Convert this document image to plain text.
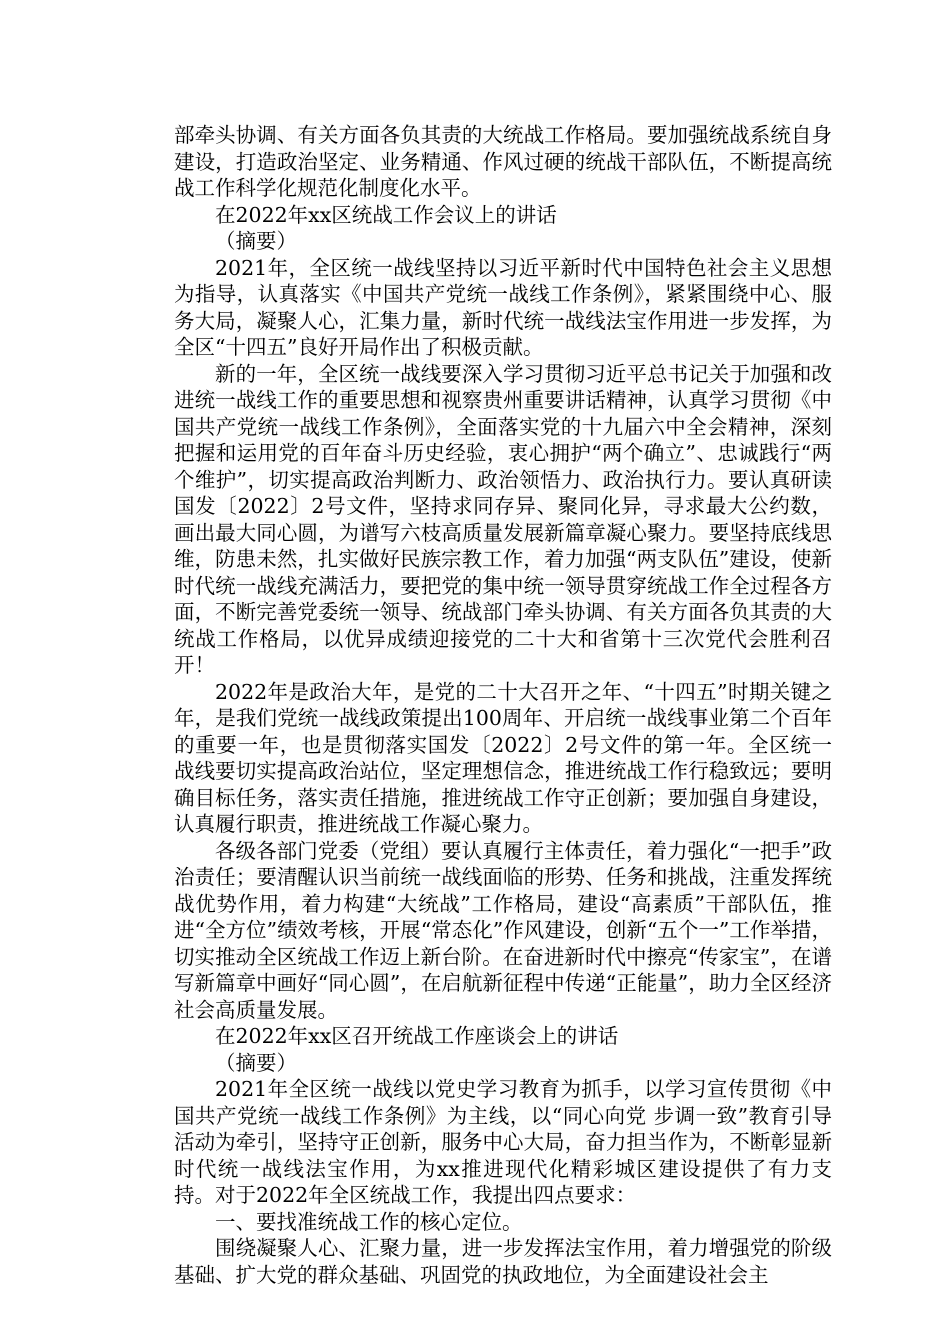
部牵头协调、有关方面各负其责的大统战工作格局。要加强统战系统自身建设，打造政治坚定、业务精通、作风过硬的统战干部队伍，不断提高统战工作科学化规范化制度化水平。

在2022年xx区统战工作会议上的讲话

（摘要）

2021年，全区统一战线坚持以习近平新时代中国特色社会主义思想为指导，认真落实《中国共产党统一战线工作条例》，紧紧围绕中心、服务大局，凝聚人心，汇集力量，新时代统一战线法宝作用进一步发挥，为全区“十四五”良好开局作出了积极贡献。

新的一年，全区统一战线要深入学习贯彻习近平总书记关于加强和改进统一战线工作的重要思想和视察贵州重要讲话精神，认真学习贯彻《中国共产党统一战线工作条例》，全面落实党的十九届六中全会精神，深刻把握和运用党的百年奋斗历史经验，衷心拥护“两个确立”、忠诚践行“两个维护”，切实提高政治判断力、政治领悟力、政治执行力。要认真研读国发〔2022〕2号文件，坚持求同存异、聚同化异，寻求最大公约数，画出最大同心圆，为谱写六枝高质量发展新篇章凝心聚力。要坚持底线思维，防患未然，扎实做好民族宗教工作，着力加强“两支队伍”建设，使新时代统一战线充满活力，要把党的集中统一领导贯穿统战工作全过程各方面，不断完善党委统一领导、统战部门牵头协调、有关方面各负其责的大统战工作格局，以优异成绩迎接党的二十大和省第十三次党代会胜利召开！

2022年是政治大年，是党的二十大召开之年、“十四五”时期关键之年，是我们党统一战线政策提出100周年、开启统一战线事业第二个百年的重要一年，也是贯彻落实国发〔2022〕2号文件的第一年。全区统一战线要切实提高政治站位，坚定理想信念，推进统战工作行稳致远；要明确目标任务，落实责任措施，推进统战工作守正创新；要加强自身建设，认真履行职责，推进统战工作凝心聚力。

各级各部门党委（党组）要认真履行主体责任，着力强化“一把手”政治责任；要清醒认识当前统一战线面临的形势、任务和挑战，注重发挥统战优势作用，着力构建“大统战”工作格局，建设“高素质”干部队伍，推进“全方位”绩效考核，开展“常态化”作风建设，创新“五个一”工作举措，切实推动全区统战工作迈上新台阶。在奋进新时代中擦亮“传家宝”，在谱写新篇章中画好“同心圆”，在启航新征程中传递“正能量”，助力全区经济社会高质量发展。

在2022年xx区召开统战工作座谈会上的讲话

（摘要）

2021年全区统一战线以党史学习教育为抓手，以学习宣传贯彻《中国共产党统一战线工作条例》为主线，以“同心向党 步调一致”教育引导活动为牵引，坚持守正创新，服务中心大局，奋力担当作为，不断彰显新时代统一战线法宝作用，为xx推进现代化精彩城区建设提供了有力支持。对于2022年全区统战工作，我提出四点要求：

一、要找准统战工作的核心定位。

围绕凝聚人心、汇聚力量，进一步发挥法宝作用，着力增强党的阶级基础、扩大党的群众基础、巩固党的执政地位，为全面建设社会主
